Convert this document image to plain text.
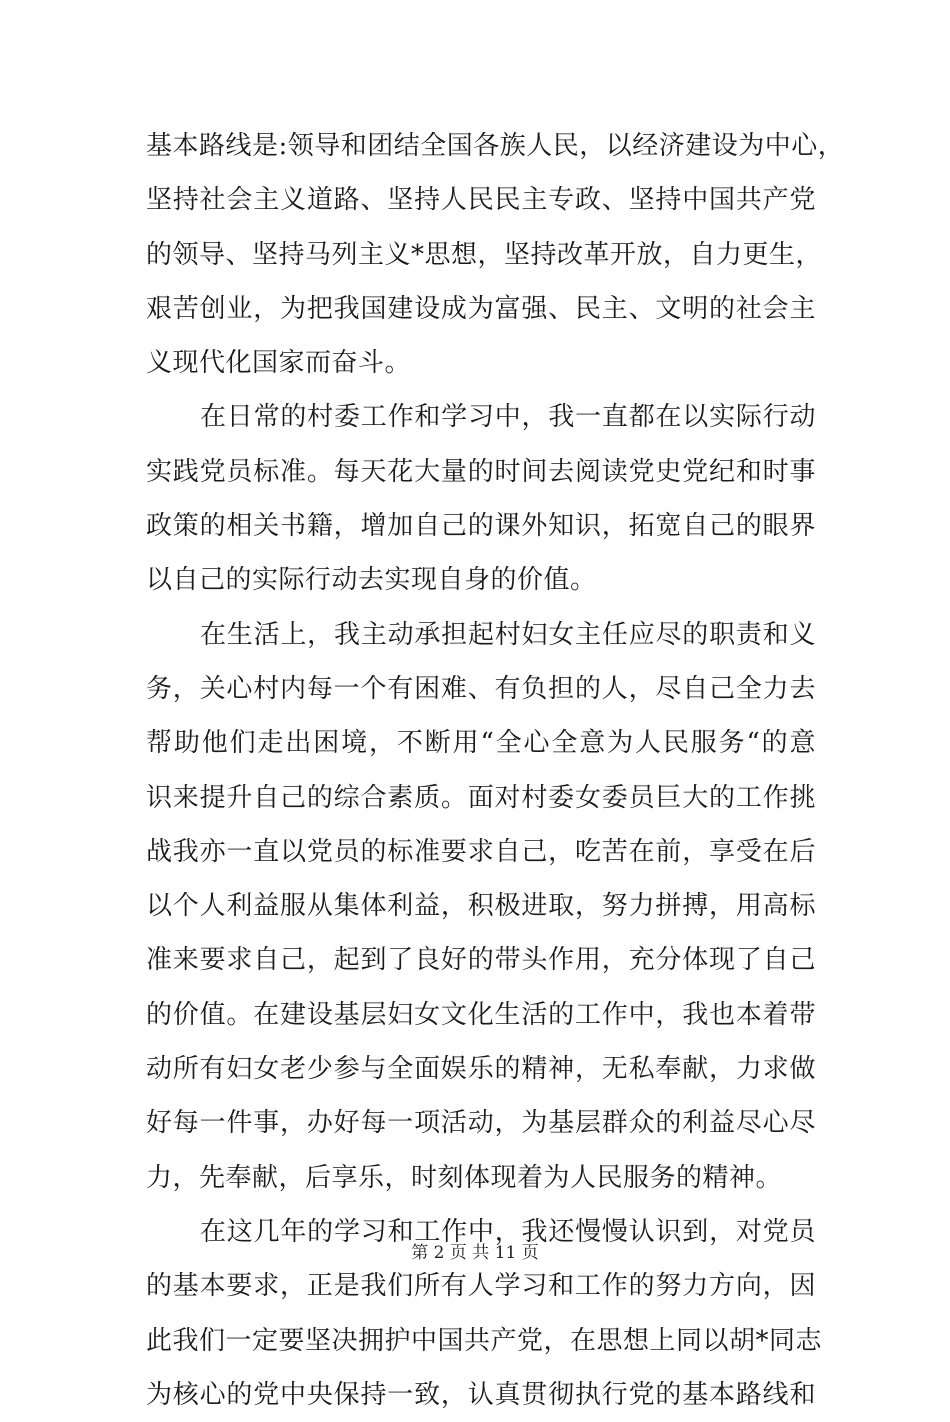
基本路线是:领导和团结全国各族人民，以经济建设为中心，
坚持社会主义道路、坚持人民民主专政、坚持中国共产党
的领导、坚持马列主义*思想，坚持改革开放，自力更生，
艰苦创业，为把我国建设成为富强、民主、文明的社会主
义现代化国家而奋斗。
在日常的村委工作和学习中，我一直都在以实际行动
实践党员标准。每天花大量的时间去阅读党史党纪和时事
政策的相关书籍，增加自己的课外知识，拓宽自己的眼界
以自己的实际行动去实现自身的价值。
在生活上，我主动承担起村妇女主任应尽的职责和义
务，关心村内每一个有困难、有负担的人，尽自己全力去
帮助他们走出困境，不断用“全心全意为人民服务“的意
识来提升自己的综合素质。面对村委女委员巨大的工作挑
战我亦一直以党员的标准要求自己，吃苦在前，享受在后
以个人利益服从集体利益，积极进取，努力拼搏，用高标
准来要求自己，起到了良好的带头作用，充分体现了自己
的价值。在建设基层妇女文化生活的工作中，我也本着带
动所有妇女老少参与全面娱乐的精神，无私奉献，力求做
好每一件事，办好每一项活动，为基层群众的利益尽心尽
力，先奉献，后享乐，时刻体现着为人民服务的精神。
在这几年的学习和工作中，我还慢慢认识到，对党员
的基本要求，正是我们所有人学习和工作的努力方向，因
此我们一定要坚决拥护中国共产党，在思想上同以胡*同志
为核心的党中央保持一致，认真贯彻执行党的基本路线和
第 2 页 共 11 页
